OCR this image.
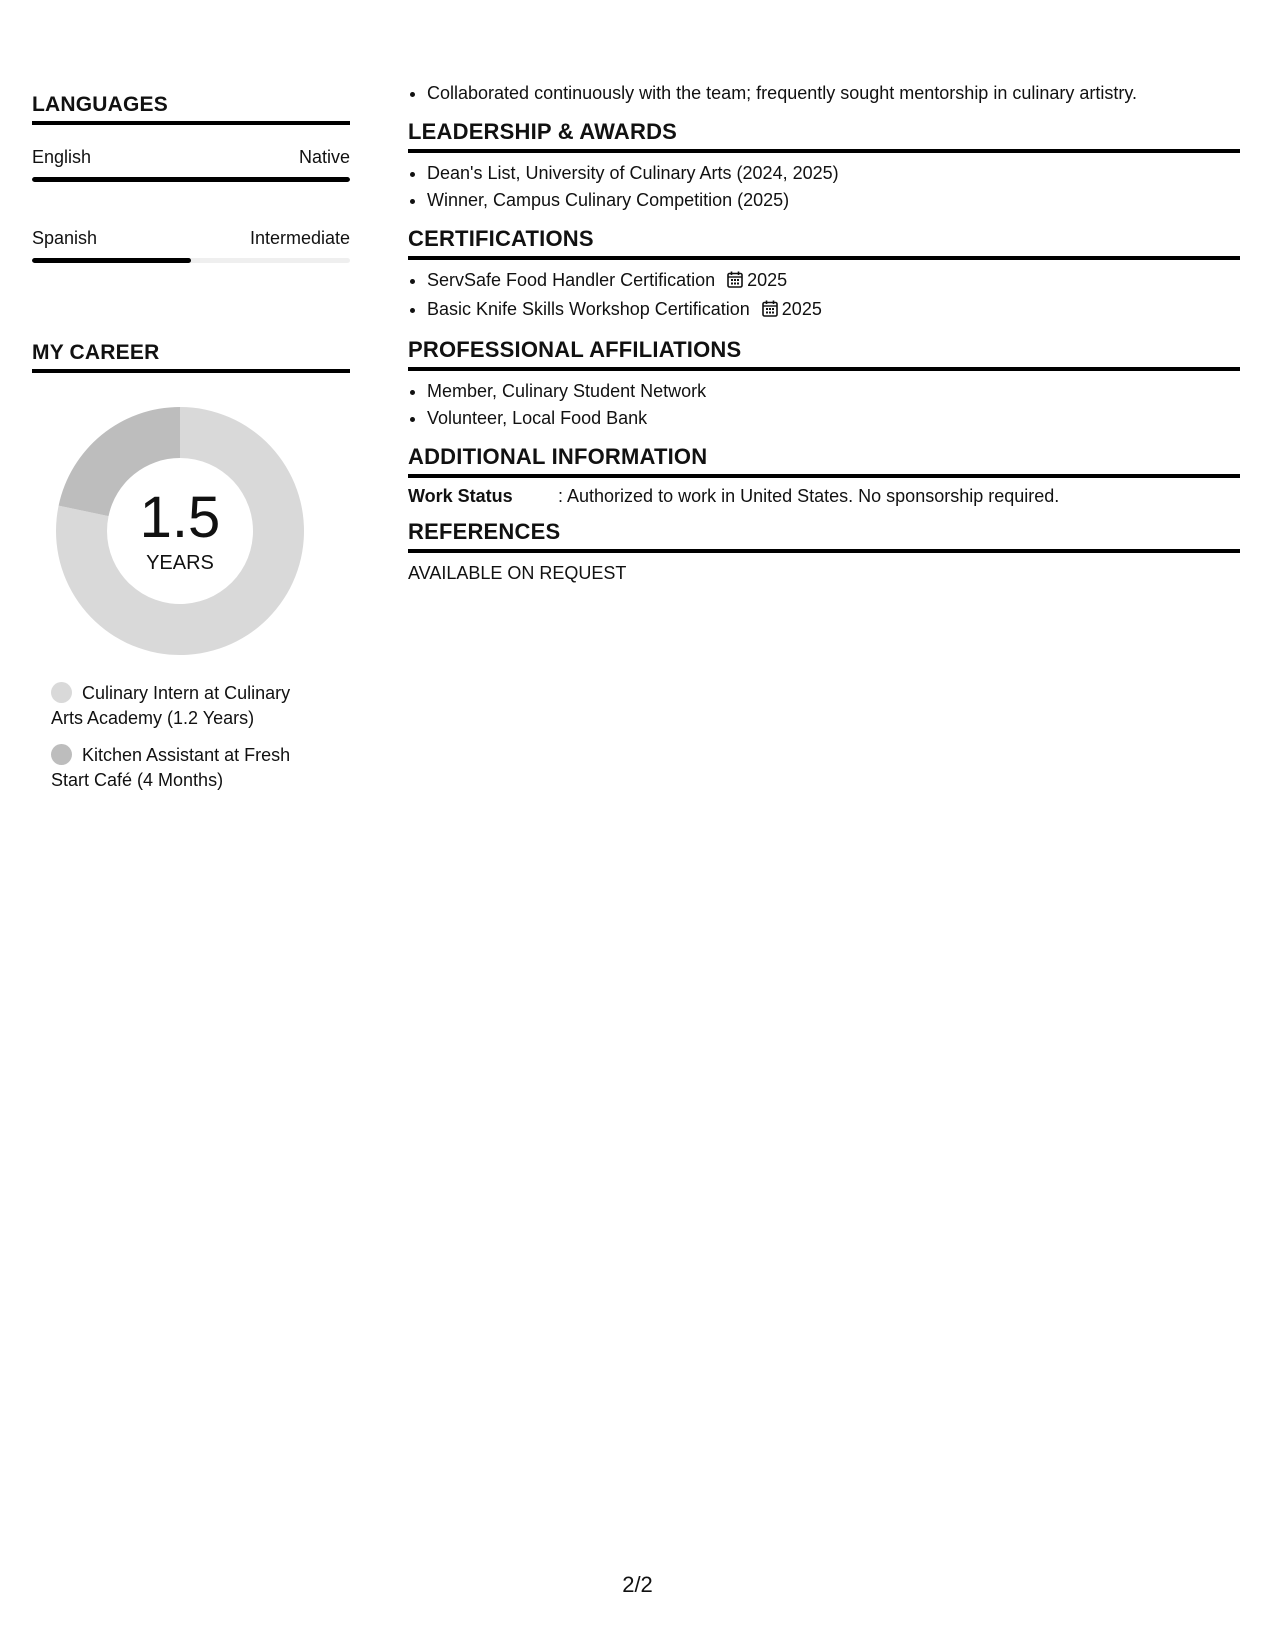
LANGUAGES
English	Native
Spanish	Intermediate
MY CAREER
1.5
YEARS
Culinary Intern at Culinary Arts Academy (1.2 Years)
Kitchen Assistant at Fresh Start Café (4 Months)
• Collaborated continuously with the team; frequently sought mentorship in culinary artistry.
LEADERSHIP & AWARDS
• Dean's List, University of Culinary Arts (2024, 2025)
• Winner, Campus Culinary Competition (2025)
CERTIFICATIONS
• ServSafe Food Handler Certification 2025
• Basic Knife Skills Workshop Certification 2025
PROFESSIONAL AFFILIATIONS
• Member, Culinary Student Network
• Volunteer, Local Food Bank
ADDITIONAL INFORMATION
Work Status	: Authorized to work in United States. No sponsorship required.
REFERENCES
AVAILABLE ON REQUEST
2/2
